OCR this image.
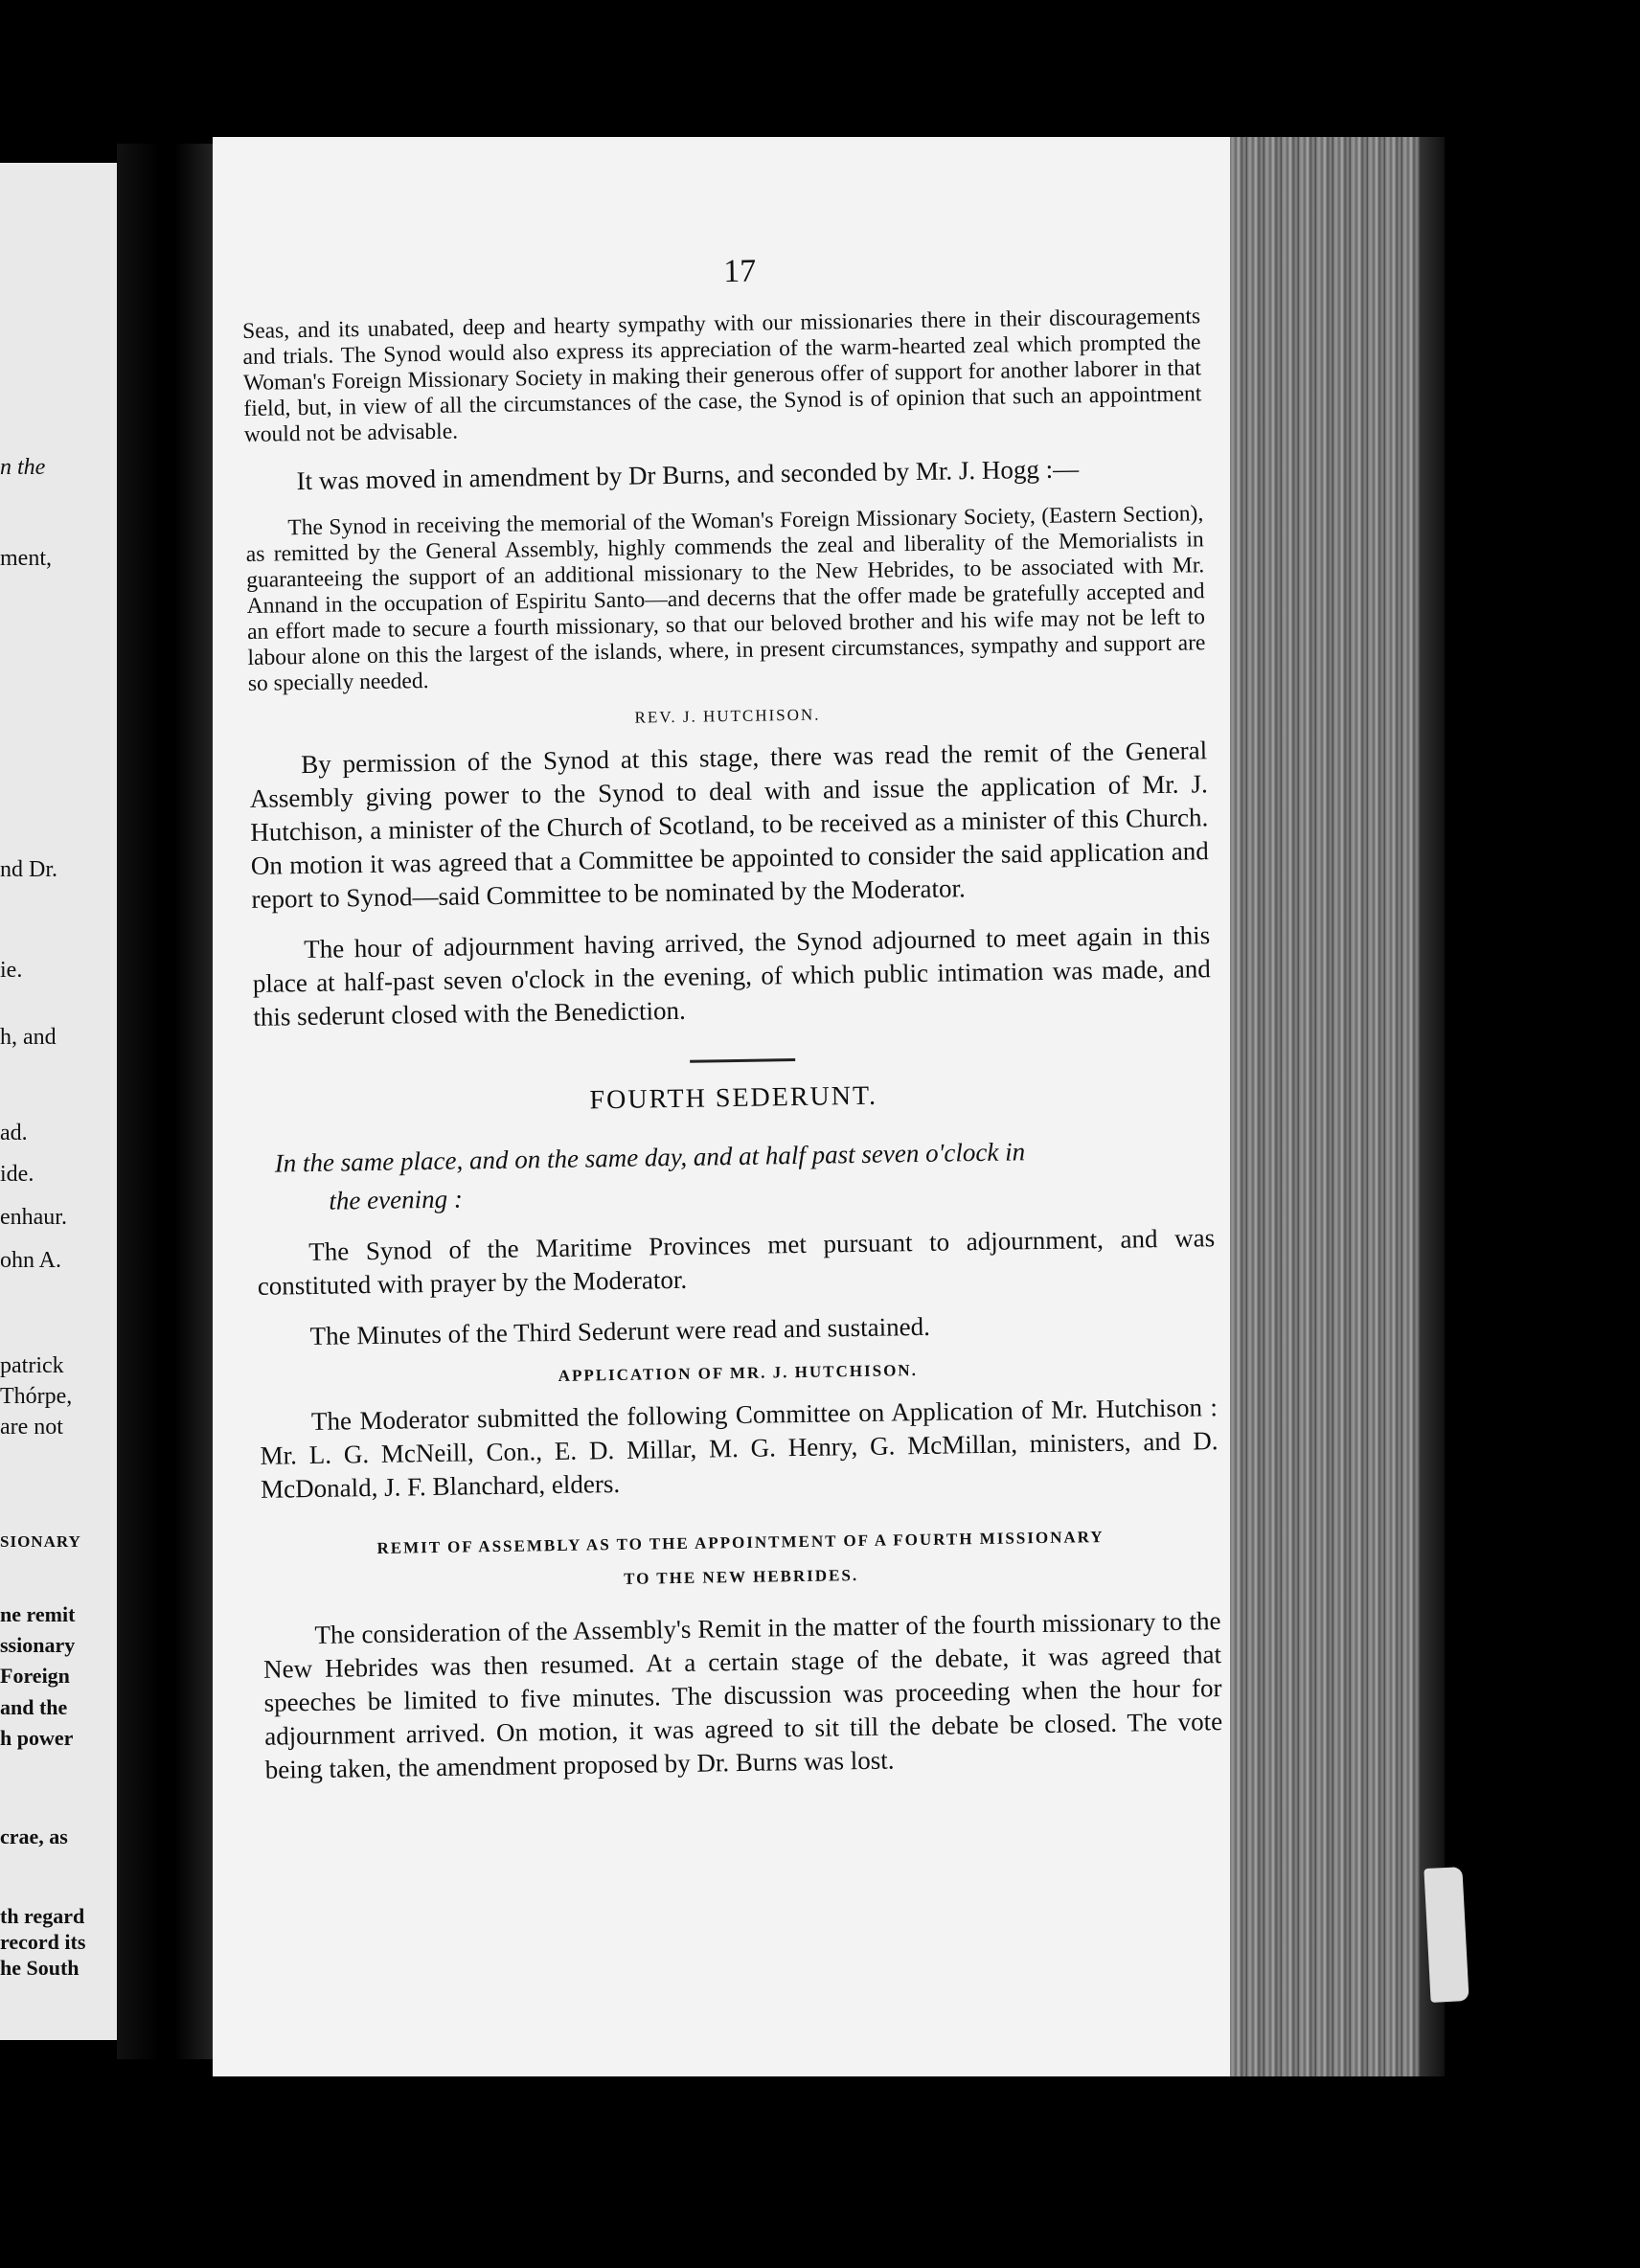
n the
ment,
nd Dr.
ie.
h, and
ad.
ide.
enhaur.
ohn A.
patrick
Thórpe,
are not
SIONARY
ne remit
ssionary
Foreign
and the
h power
crae, as
th regard
record its
he South
17

Seas, and its unabated, deep and hearty sympathy with our missionaries there in their discouragements and trials. The Synod would also express its appreciation of the warm-hearted zeal which prompted the Woman's Foreign Missionary Society in making their generous offer of support for another laborer in that field, but, in view of all the circumstances of the case, the Synod is of opinion that such an appointment would not be advisable.

It was moved in amendment by Dr Burns, and seconded by Mr. J. Hogg :—

The Synod in receiving the memorial of the Woman's Foreign Missionary Society, (Eastern Section), as remitted by the General Assembly, highly commends the zeal and liberality of the Memorialists in guaranteeing the support of an additional missionary to the New Hebrides, to be associated with Mr. Annand in the occupation of Espiritu Santo—and decerns that the offer made be gratefully accepted and an effort made to secure a fourth missionary, so that our beloved brother and his wife may not be left to labour alone on this the largest of the islands, where, in present circumstances, sympathy and support are so specially needed.

REV. J. HUTCHISON.

By permission of the Synod at this stage, there was read the remit of the General Assembly giving power to the Synod to deal with and issue the application of Mr. J. Hutchison, a minister of the Church of Scotland, to be received as a minister of this Church. On motion it was agreed that a Committee be appointed to consider the said application and report to Synod—said Committee to be nominated by the Moderator.

The hour of adjournment having arrived, the Synod adjourned to meet again in this place at half-past seven o'clock in the evening, of which public intimation was made, and this sederunt closed with the Benediction.

FOURTH SEDERUNT.
In the same place, and on the same day, and at half past seven o'clock in
the evening :

The Synod of the Maritime Provinces met pursuant to adjournment, and was constituted with prayer by the Moderator.

The Minutes of the Third Sederunt were read and sustained.

APPLICATION OF MR. J. HUTCHISON.

The Moderator submitted the following Committee on Application of Mr. Hutchison : Mr. L. G. McNeill, Con., E. D. Millar, M. G. Henry, G. McMillan, ministers, and D. McDonald, J. F. Blanchard, elders.

REMIT OF ASSEMBLY AS TO THE APPOINTMENT OF A FOURTH MISSIONARY
TO THE NEW HEBRIDES.

The consideration of the Assembly's Remit in the matter of the fourth missionary to the New Hebrides was then resumed. At a certain stage of the debate, it was agreed that speeches be limited to five minutes. The discussion was proceeding when the hour for adjournment arrived. On motion, it was agreed to sit till the debate be closed. The vote being taken, the amendment proposed by Dr. Burns was lost.
